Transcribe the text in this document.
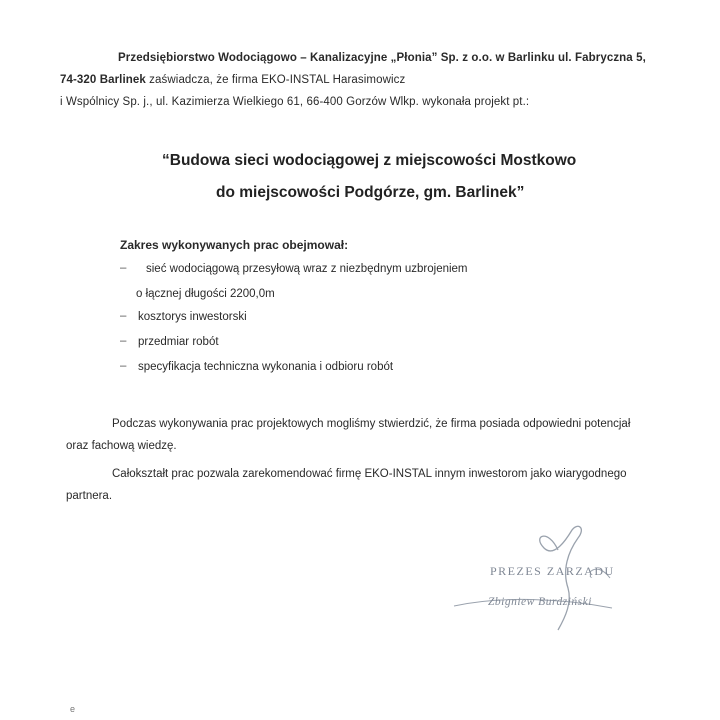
Przedsiębiorstwo Wodociągowo – Kanalizacyjne „Płonia” Sp. z o.o. w Barlinku ul. Fabryczna 5,
74-320 Barlinek zaświadcza, że firma EKO-INSTAL Harasimowicz
i Wspólnicy Sp. j., ul. Kazimierza Wielkiego 61, 66-400 Gorzów Wlkp. wykonała projekt pt.:
“Budowa sieci wodociągowej z miejscowości Mostkowo
do miejscowości Podgórze, gm. Barlinek”
Zakres wykonywanych prac obejmował:
– sieć wodociągową przesyłową wraz z niezbędnym uzbrojeniem
o łącznej długości 2200,0m
– kosztorys inwestorski
– przedmiar robót
– specyfikacja techniczna wykonania i odbioru robót
Podczas wykonywania prac projektowych mogliśmy stwierdzić, że firma posiada odpowiedni potencjał
oraz fachową wiedzę.
Całokształt prac pozwala zarekomendować firmę EKO-INSTAL innym inwestorom jako wiarygodnego
partnera.
PREZES ZARZĄDU
Zbigniew Burdziński
e
